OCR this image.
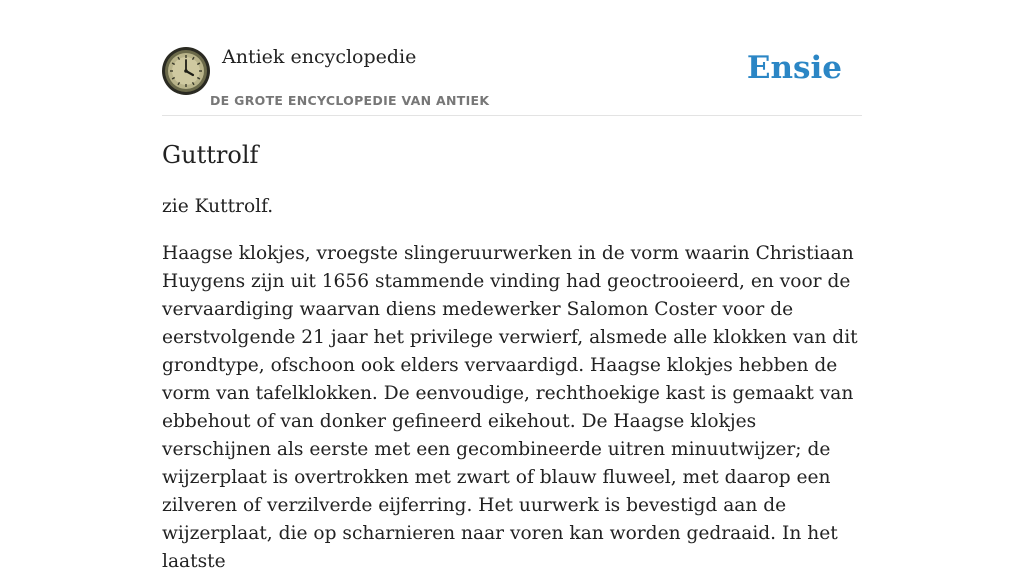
Antiek encyclopedie
DE GROTE ENCYCLOPEDIE VAN ANTIEK
Ensie
Guttrolf

zie Kuttrolf.

Haagse klokjes, vroegste slingeruurwerken in de vorm waarin Christiaan Huygens zijn uit 1656 stammende vinding had geoctrooieerd, en voor de vervaardiging waarvan diens medewerker Salomon Coster voor de eerstvolgende 21 jaar het privilege verwierf, alsmede alle klokken van dit grondtype, ofschoon ook elders vervaardigd. Haagse klokjes hebben de vorm van tafelklokken. De eenvoudige, rechthoekige kast is gemaakt van ebbehout of van donker gefineerd eikehout. De Haagse klokjes verschijnen als eerste met een gecombineerde uitren minuutwijzer; de wijzerplaat is overtrokken met zwart of blauw fluweel, met daarop een zilveren of verzilverde eijferring. Het uurwerk is bevestigd aan de wijzerplaat, die op scharnieren naar voren kan worden gedraaid. In het laatste
